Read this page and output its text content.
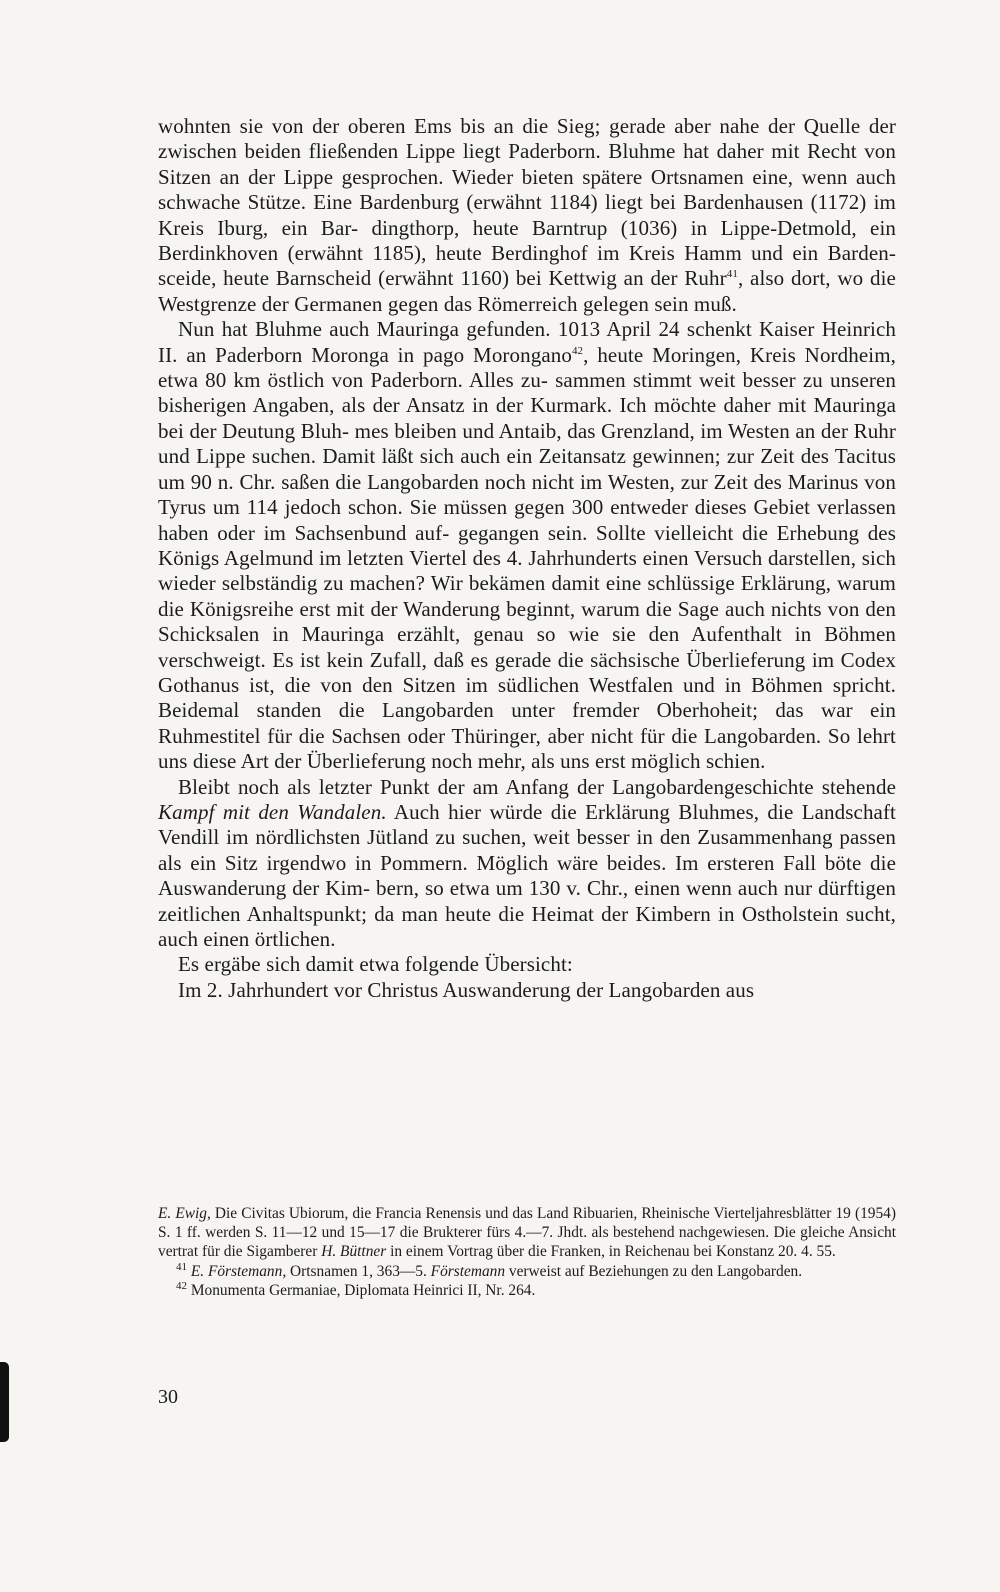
wohnten sie von der oberen Ems bis an die Sieg; gerade aber nahe der Quelle der zwischen beiden fließenden Lippe liegt Paderborn. Bluhme hat daher mit Recht von Sitzen an der Lippe gesprochen. Wieder bieten spätere Ortsnamen eine, wenn auch schwache Stütze. Eine Bardenburg (erwähnt 1184) liegt bei Bardenhausen (1172) im Kreis Iburg, ein Bar- dingthorp, heute Barntrup (1036) in Lippe-Detmold, ein Berdinkhoven (erwähnt 1185), heute Berdinghof im Kreis Hamm und ein Barden- sceide, heute Barnscheid (erwähnt 1160) bei Kettwig an der Ruhr$^{41}$, also dort, wo die Westgrenze der Germanen gegen das Römerreich gelegen sein muß.

Nun hat Bluhme auch Mauringa gefunden. 1013 April 24 schenkt Kaiser Heinrich II. an Paderborn Moronga in pago Morongano$^{42}$, heute Moringen, Kreis Nordheim, etwa 80 km östlich von Paderborn. Alles zu- sammen stimmt weit besser zu unseren bisherigen Angaben, als der Ansatz in der Kurmark. Ich möchte daher mit Mauringa bei der Deutung Bluh- mes bleiben und Antaib, das Grenzland, im Westen an der Ruhr und Lippe suchen. Damit läßt sich auch ein Zeitansatz gewinnen; zur Zeit des Tacitus um 90 n. Chr. saßen die Langobarden noch nicht im Westen, zur Zeit des Marinus von Tyrus um 114 jedoch schon. Sie müssen gegen 300 entweder dieses Gebiet verlassen haben oder im Sachsenbund auf- gegangen sein. Sollte vielleicht die Erhebung des Königs Agelmund im letzten Viertel des 4. Jahrhunderts einen Versuch darstellen, sich wieder selbständig zu machen? Wir bekämen damit eine schlüssige Erklärung, warum die Königsreihe erst mit der Wanderung beginnt, warum die Sage auch nichts von den Schicksalen in Mauringa erzählt, genau so wie sie den Aufenthalt in Böhmen verschweigt. Es ist kein Zufall, daß es gerade die sächsische Überlieferung im Codex Gothanus ist, die von den Sitzen im südlichen Westfalen und in Böhmen spricht. Beidemal standen die Langobarden unter fremder Oberhoheit; das war ein Ruhmestitel für die Sachsen oder Thüringer, aber nicht für die Langobarden. So lehrt uns diese Art der Überlieferung noch mehr, als uns erst möglich schien.

Bleibt noch als letzter Punkt der am Anfang der Langobardengeschichte stehende Kampf mit den Wandalen. Auch hier würde die Erklärung Bluhmes, die Landschaft Vendill im nördlichsten Jütland zu suchen, weit besser in den Zusammenhang passen als ein Sitz irgendwo in Pommern. Möglich wäre beides. Im ersteren Fall böte die Auswanderung der Kim- bern, so etwa um 130 v. Chr., einen wenn auch nur dürftigen zeitlichen Anhaltspunkt; da man heute die Heimat der Kimbern in Ostholstein sucht, auch einen örtlichen.

Es ergäbe sich damit etwa folgende Übersicht:

Im 2. Jahrhundert vor Christus Auswanderung der Langobarden aus

E. Ewig, Die Civitas Ubiorum, die Francia Renensis und das Land Ribuarien, Rheinische Vierteljahresblätter 19 (1954) S. 1 ff. werden S. 11—12 und 15—17 die Brukterer fürs 4.—7. Jhdt. als bestehend nachgewiesen. Die gleiche Ansicht vertrat für die Sigamberer H. Büttner in einem Vortrag über die Franken, in Reichenau bei Konstanz 20. 4. 55.

$^{41}$ E. Förstemann, Ortsnamen 1, 363—5. Förstemann verweist auf Beziehungen zu den Langobarden.

$^{42}$ Monumenta Germaniae, Diplomata Heinrici II, Nr. 264.

30
